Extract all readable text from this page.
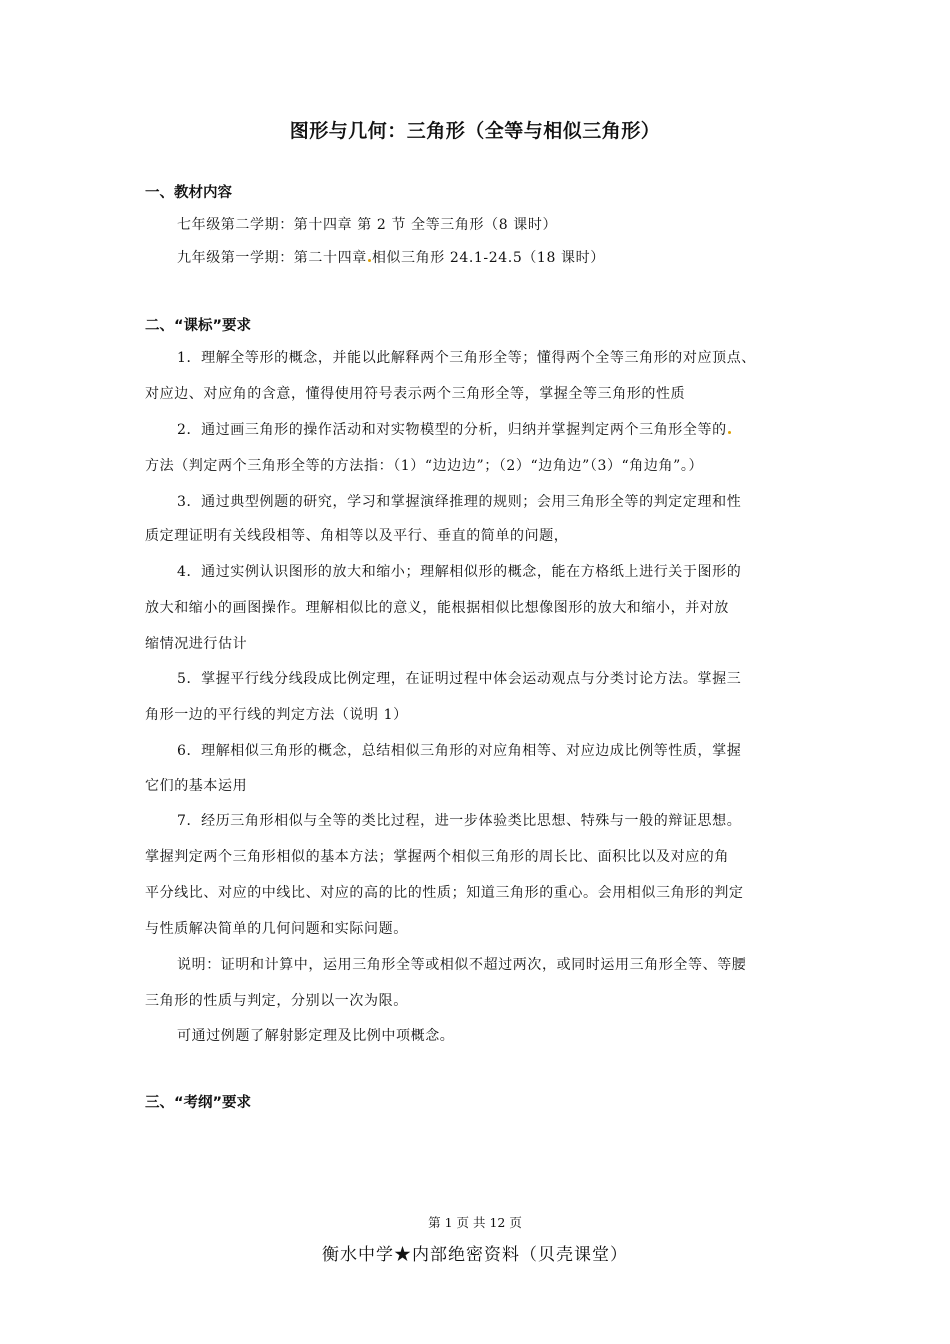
图形与几何：三角形（全等与相似三角形）
一、教材内容
七年级第二学期：第十四章 第 2 节 全等三角形（8 课时）
九年级第一学期：第二十四章 相似三角形 24.1-24.5（18 课时）
二、“课标”要求
1．理解全等形的概念，并能以此解释两个三角形全等；懂得两个全等三角形的对应顶点、
对应边、对应角的含意，懂得使用符号表示两个三角形全等，掌握全等三角形的性质
2．通过画三角形的操作活动和对实物模型的分析，归纳并掌握判定两个三角形全等的
方法（判定两个三角形全等的方法指：（1）“边边边”；（2）“边角边”（3）“角边角”。）
3．通过典型例题的研究，学习和掌握演绎推理的规则；会用三角形全等的判定定理和性
质定理证明有关线段相等、角相等以及平行、垂直的简单的问题，
4．通过实例认识图形的放大和缩小；理解相似形的概念，能在方格纸上进行关于图形的
放大和缩小的画图操作。理解相似比的意义，能根据相似比想像图形的放大和缩小，并对放
缩情况进行估计
5．掌握平行线分线段成比例定理，在证明过程中体会运动观点与分类讨论方法。掌握三
角形一边的平行线的判定方法（说明 1）
6．理解相似三角形的概念，总结相似三角形的对应角相等、对应边成比例等性质，掌握
它们的基本运用
7．经历三角形相似与全等的类比过程，进一步体验类比思想、特殊与一般的辩证思想。
掌握判定两个三角形相似的基本方法；掌握两个相似三角形的周长比、面积比以及对应的角
平分线比、对应的中线比、对应的高的比的性质；知道三角形的重心。会用相似三角形的判定
与性质解决简单的几何问题和实际问题。
说明：证明和计算中，运用三角形全等或相似不超过两次，或同时运用三角形全等、等腰
三角形的性质与判定，分别以一次为限。
可通过例题了解射影定理及比例中项概念。
三、“考纲”要求
第 1 页 共 12 页
衡水中学★内部绝密资料（贝壳课堂）
